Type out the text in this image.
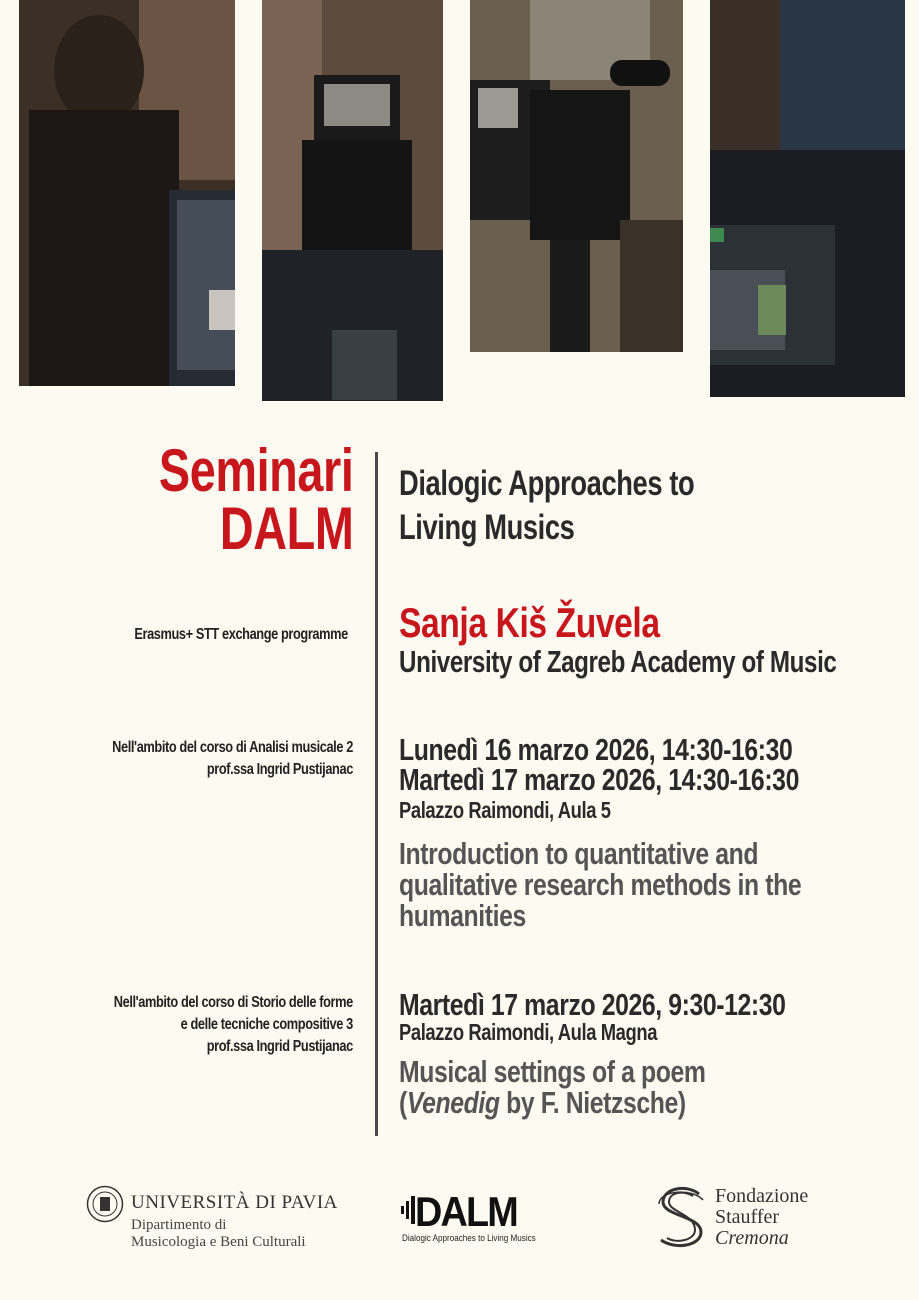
Seminari
DALM
Dialogic Approaches to
Living Musics
Erasmus+ STT exchange programme Sanja Kiš Žuvela
University of Zagreb Academy of Music
Nell'ambito del corso di Analisi musicale 2
prof.ssa Ingrid Pustijanac
Lunedì 16 marzo 2026, 14:30-16:30
Martedì 17 marzo 2026, 14:30-16:30
Palazzo Raimondi, Aula 5
Introduction to quantitative and
qualitative research methods in the
humanities
Nell'ambito del corso di Storio delle forme
e delle tecniche compositive 3
prof.ssa Ingrid Pustijanac
Martedì 17 marzo 2026, 9:30-12:30
Palazzo Raimondi, Aula Magna
Musical settings of a poem
(Venedig by F. Nietzsche)
UNIVERSITÀ DI PAVIA
Dipartimento di
Musicologia e Beni Culturali
DALM
Dialogic Approaches to Living Musics
Fondazione
Stauffer
Cremona
